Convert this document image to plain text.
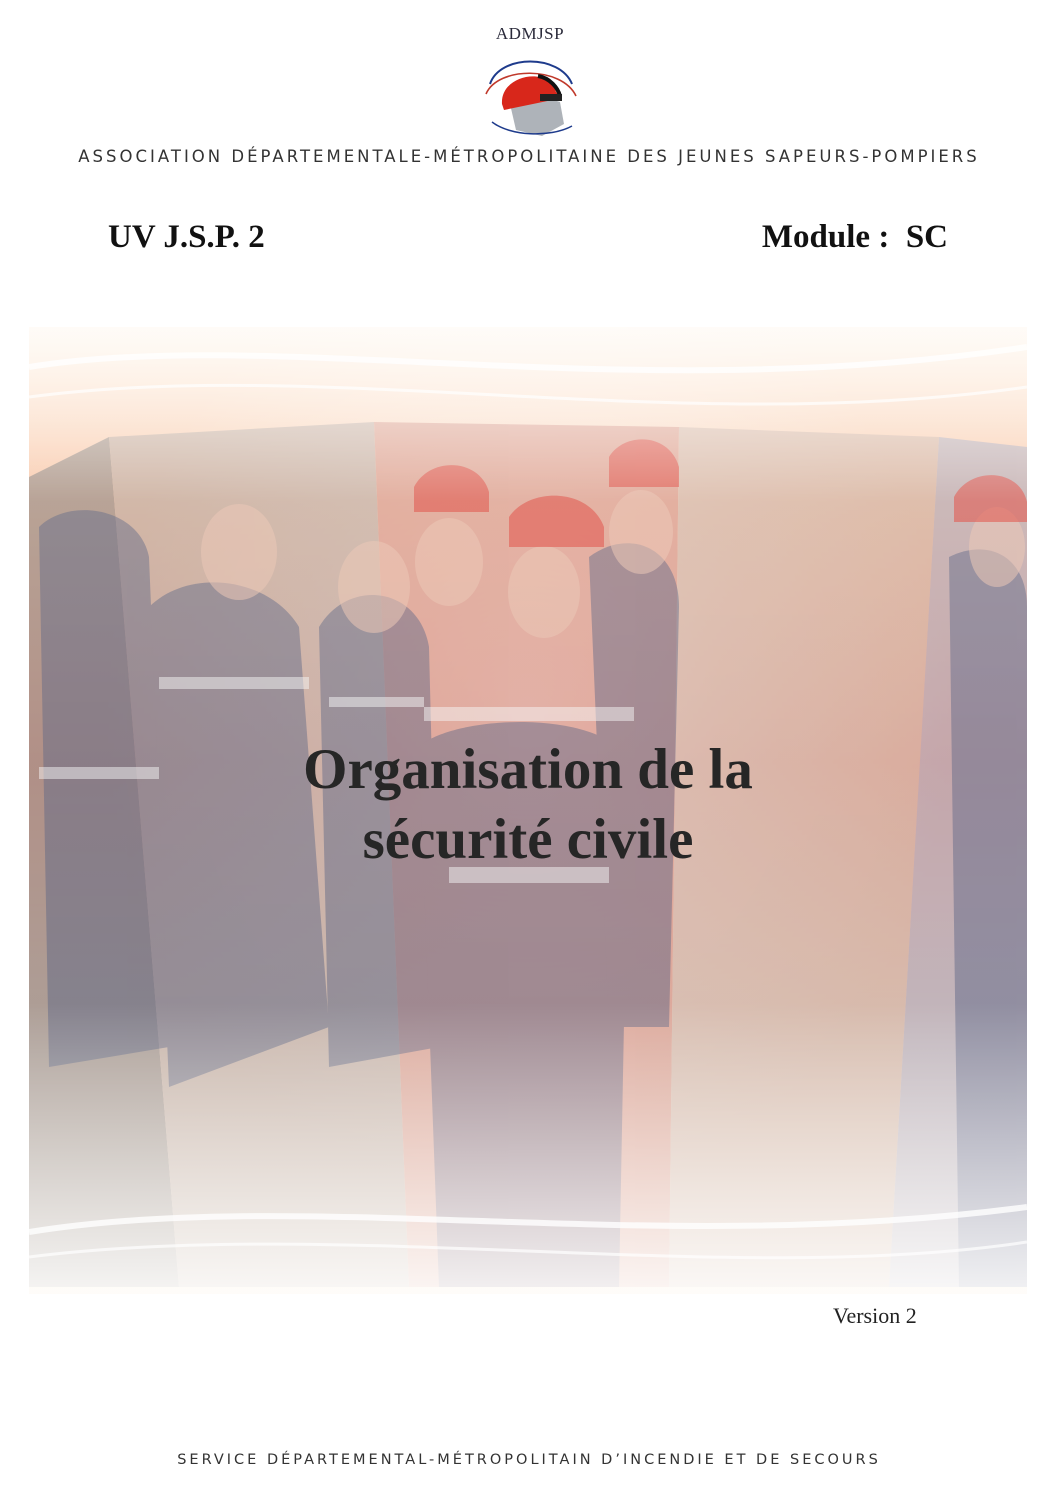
ADMJSP
ASSOCIATION DÉPARTEMENTALE-MÉTROPOLITAINE DES JEUNES SAPEURS-POMPIERS
UV J.S.P. 2	Module :  SC
Organisation de la
sécurité civile
Version 2
SERVICE DÉPARTEMENTAL-MÉTROPOLITAIN D’INCENDIE ET DE SECOURS
